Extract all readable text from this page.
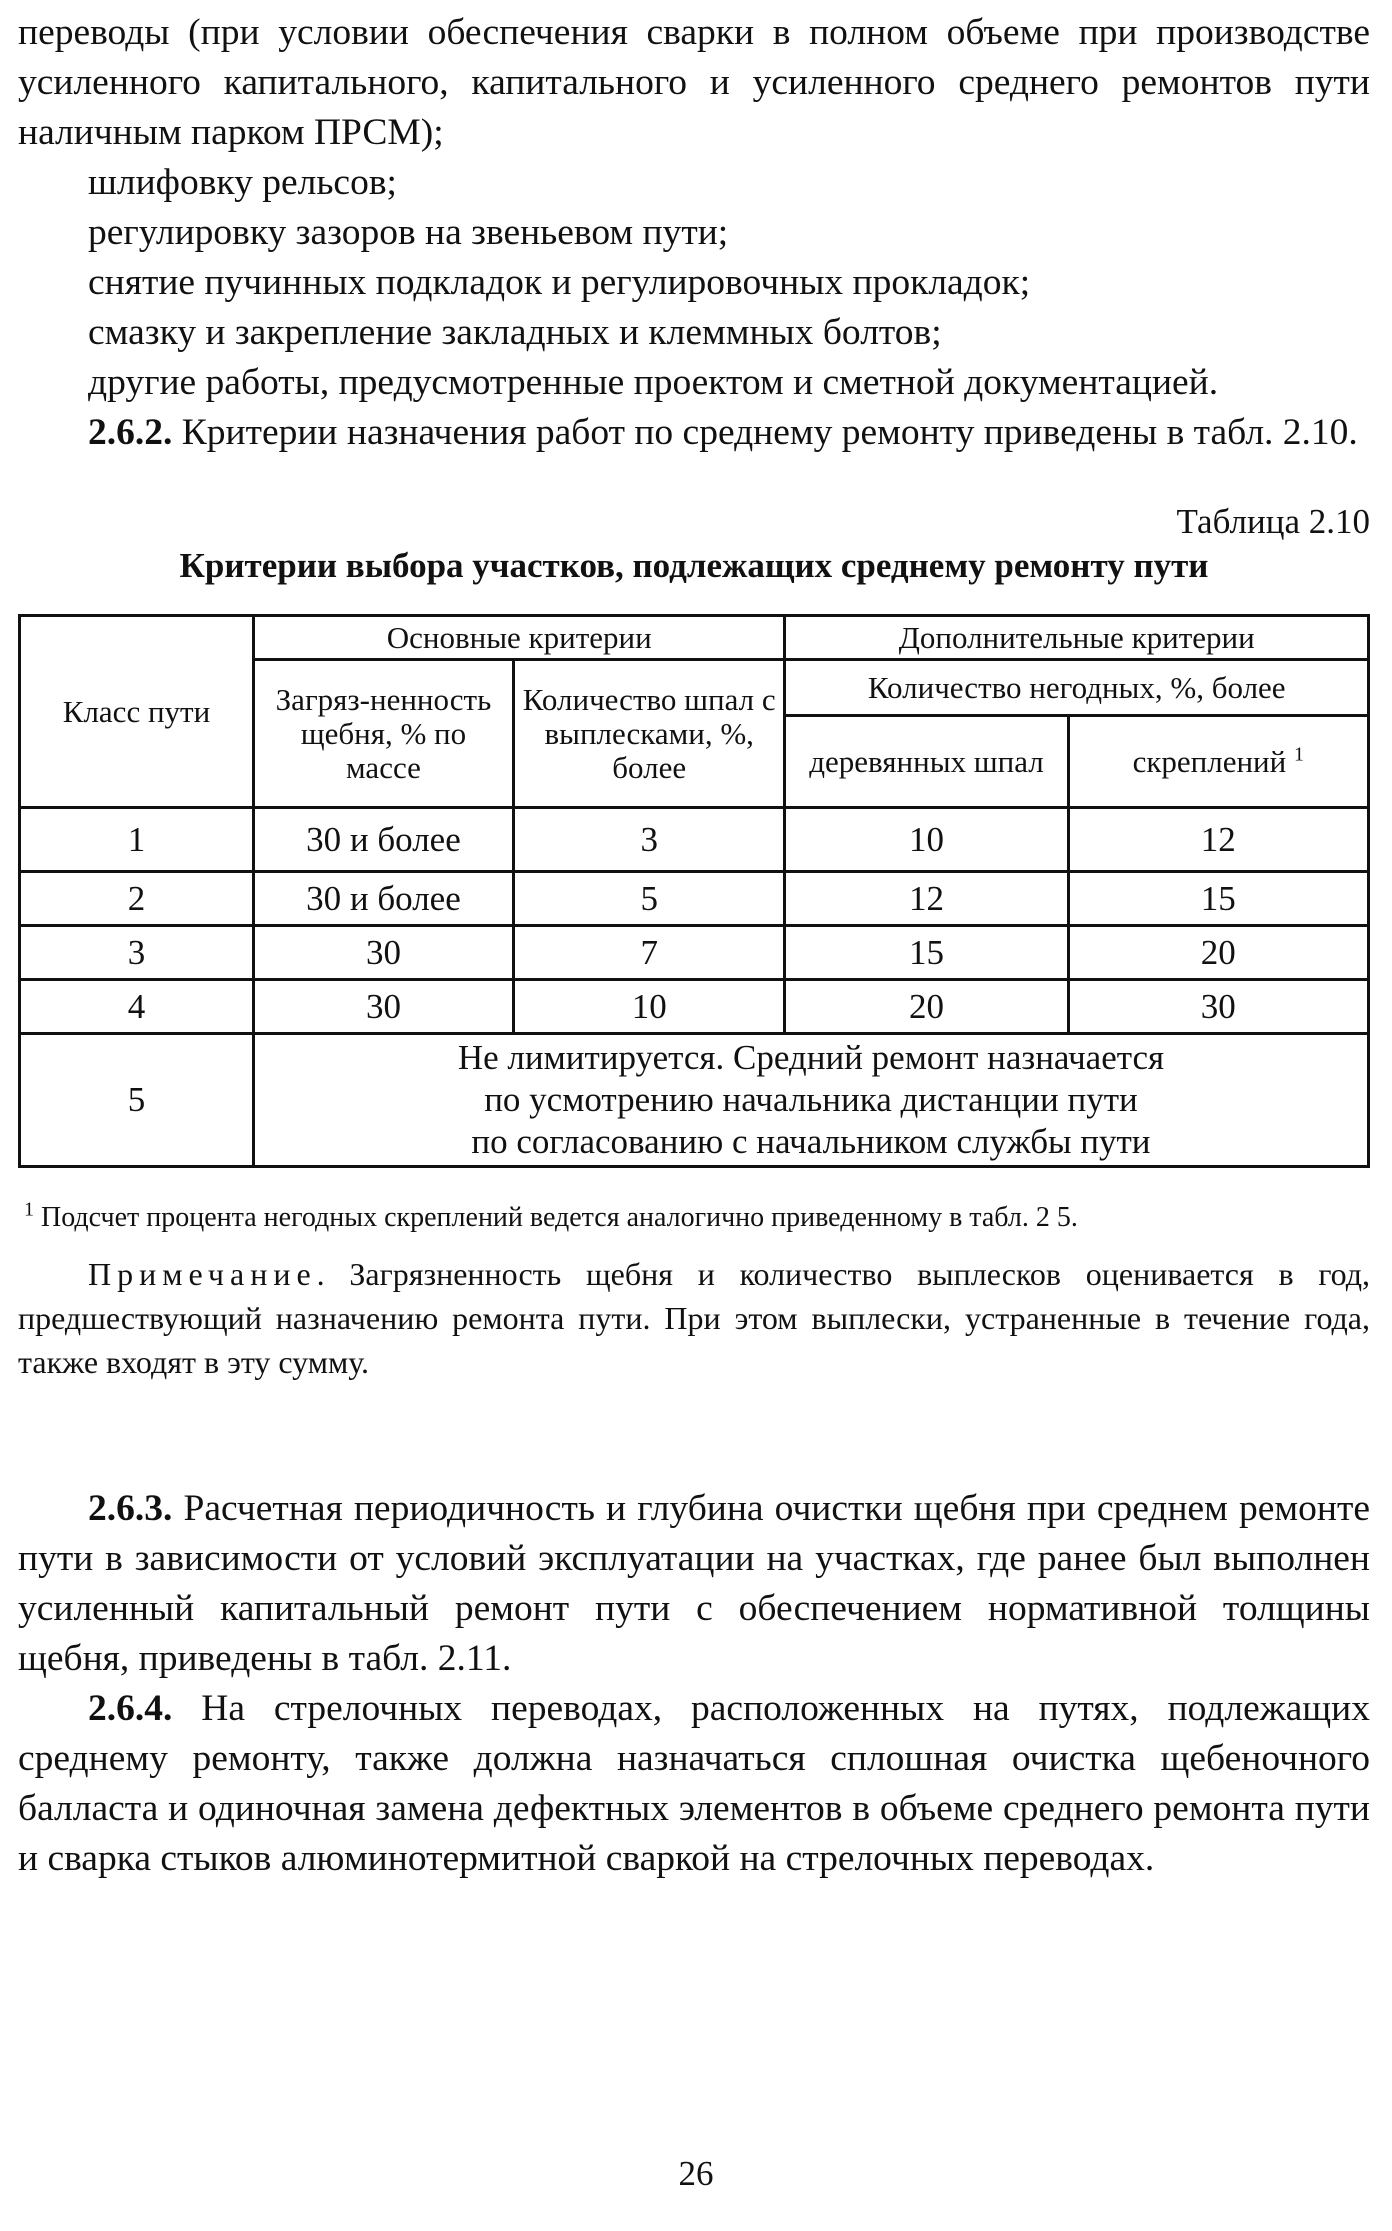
переводы (при условии обеспечения сварки в полном объеме при производстве усиленного капитального, капитального и усиленного среднего ремонтов пути наличным парком ПРСМ);

шлифовку рельсов;

регулировку зазоров на звеньевом пути;

снятие пучинных подкладок и регулировочных прокладок;

смазку и закрепление закладных и клеммных болтов;

другие работы, предусмотренные проектом и сметной документацией.

2.6.2. Критерии назначения работ по среднему ремонту приведены в табл. 2.10.

Таблица 2.10

Критерии выбора участков, подлежащих среднему ремонту пути

Класс пути	Основные критерии		Дополнительные критерии	
	Загряз-ненность щебня, % по массе	Количество шпал с выплесками, %, более	Количество негодных, %, более	
			деревянных шпал	скреплений $^1$
1	30 и более	3	10	12
2	30 и более	5	12	15
3	30	7	15	20
4	30	10	20	30
5	Не лимитируется. Средний ремонт назначается
по усмотрению начальника дистанции пути
по согласованию с начальником службы пути			

$^1$ Подсчет процента негодных скреплений ведется аналогично приведенному в табл. 2 5.

Примечание. Загрязненность щебня и количество выплесков оценивается в год, предшествующий назначению ремонта пути. При этом выплески, устраненные в течение года, также входят в эту сумму.

2.6.3. Расчетная периодичность и глубина очистки щебня при среднем ремонте пути в зависимости от условий эксплуатации на участках, где ранее был выполнен усиленный капитальный ремонт пути с обеспечением нормативной толщины щебня, приведены в табл. 2.11.

2.6.4. На стрелочных переводах, расположенных на путях, подлежащих среднему ремонту, также должна назначаться сплошная очистка щебеночного балласта и одиночная замена дефектных элементов в объеме среднего ремонта пути и сварка стыков алюминотермитной сваркой на стрелочных переводах.

26
